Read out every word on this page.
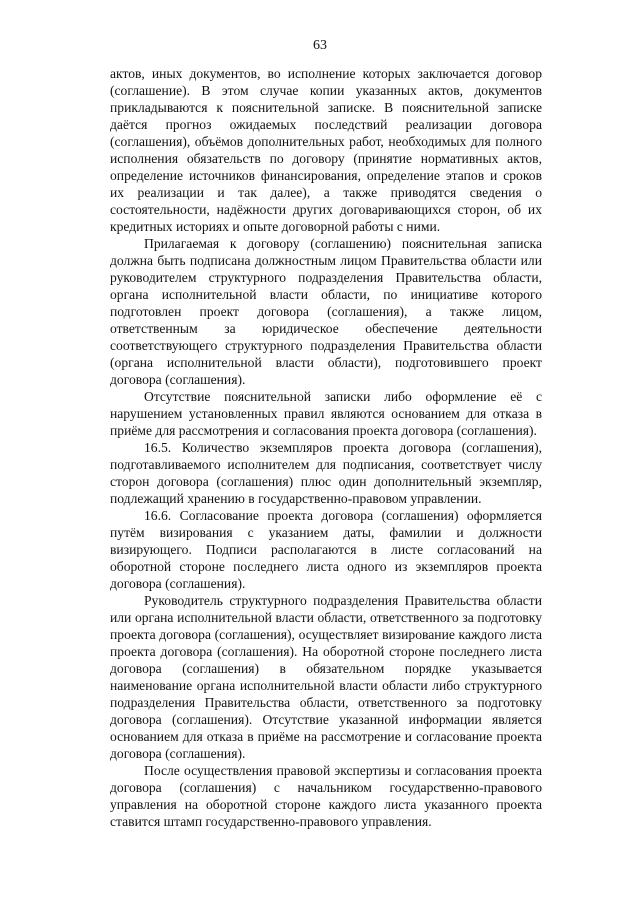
63

актов, иных документов, во исполнение которых заключается договор (соглашение). В этом случае копии указанных актов, документов прикладываются к пояснительной записке. В пояснительной записке даётся прогноз ожидаемых последствий реализации договора (соглашения), объёмов дополнительных работ, необходимых для полного исполнения обязательств по договору (принятие нормативных актов, определение источников финансирования, определение этапов и сроков их реализации и так далее), а также приводятся сведения о состоятельности, надёжности других договаривающихся сторон, об их кредитных историях и опыте договорной работы с ними.

Прилагаемая к договору (соглашению) пояснительная записка должна быть подписана должностным лицом Правительства области или руководителем структурного подразделения Правительства области, органа исполнительной власти области, по инициативе которого подготовлен проект договора (соглашения), а также лицом, ответственным за юридическое обеспечение деятельности соответствующего структурного подразделения Правительства области (органа исполнительной власти области), подготовившего проект договора (соглашения).

Отсутствие пояснительной записки либо оформление её с нарушением установленных правил являются основанием для отказа в приёме для рассмотрения и согласования проекта договора (соглашения).

16.5. Количество экземпляров проекта договора (соглашения), подготавливаемого исполнителем для подписания, соответствует числу сторон договора (соглашения) плюс один дополнительный экземпляр, подлежащий хранению в государственно-правовом управлении.

16.6. Согласование проекта договора (соглашения) оформляется путём визирования с указанием даты, фамилии и должности визирующего. Подписи располагаются в листе согласований на оборотной стороне последнего листа одного из экземпляров проекта договора (соглашения).

Руководитель структурного подразделения Правительства области или органа исполнительной власти области, ответственного за подготовку проекта договора (соглашения), осуществляет визирование каждого листа проекта договора (соглашения). На оборотной стороне последнего листа договора (соглашения) в обязательном порядке указывается наименование органа исполнительной власти области либо структурного подразделения Правительства области, ответственного за подготовку договора (соглашения). Отсутствие указанной информации является основанием для отказа в приёме на рассмотрение и согласование проекта договора (соглашения).

После осуществления правовой экспертизы и согласования проекта договора (соглашения) с начальником государственно-правового управления на оборотной стороне каждого листа указанного проекта ставится штамп государственно-правового управления.
